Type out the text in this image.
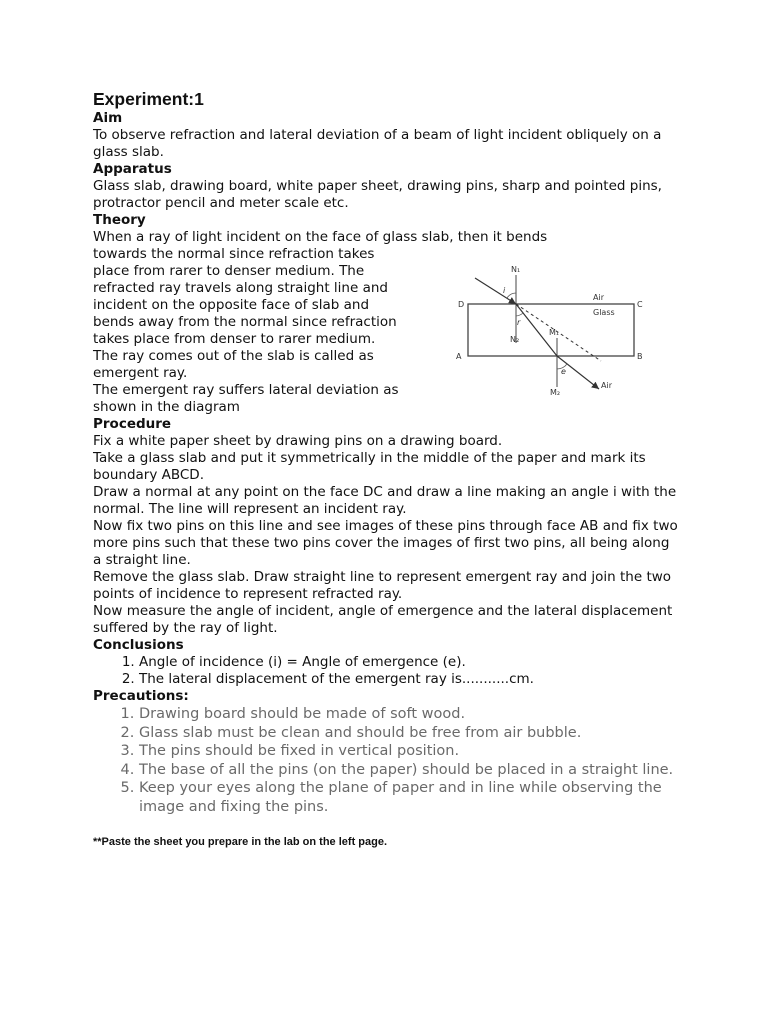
Experiment:1
Aim

To observe refraction and lateral deviation of a beam of light incident obliquely on a glass slab.

Apparatus

Glass slab, drawing board, white paper sheet, drawing pins, sharp and pointed pins, protractor pencil and meter scale etc.

Theory
When a ray of light incident on the face of glass slab, then it bends
towards the normal since refraction takes
place from rarer to denser medium. The
refracted ray travels along straight line and
incident on the opposite face of slab and
bends away from the normal since refraction
takes place from denser to rarer medium.
The ray comes out of the slab is called as
emergent ray.
The emergent ray suffers lateral deviation as
shown in the diagram
N₁
N₂
M₁
M₂
A	B
C
D
Air
Glass
Air
i
r
e
Procedure

Fix a white paper sheet by drawing pins on a drawing board.

Take a glass slab and put it symmetrically in the middle of the paper and mark its boundary ABCD.

Draw a normal at any point on the face DC and draw a line making an angle i with the normal. The line will represent an incident ray.

Now fix two pins on this line and see images of these pins through face AB and fix two more pins such that these two pins cover the images of first two pins, all being along a straight line.

Remove the glass slab. Draw straight line to represent emergent ray and join the two points of incidence to represent refracted ray.

Now measure the angle of incident, angle of emergence and the lateral displacement suffered by the ray of light.

Conclusions
1. Angle of incidence (i) = Angle of emergence (e).
2. The lateral displacement of the emergent ray is...........cm.
Precautions:
1. Drawing board should be made of soft wood.
2. Glass slab must be clean and should be free from air bubble.
3. The pins should be fixed in vertical position.
4. The base of all the pins (on the paper) should be placed in a straight line.
5. Keep your eyes along the plane of paper and in line while observing the image and fixing the pins.
**Paste the sheet you prepare in the lab on the left page.
